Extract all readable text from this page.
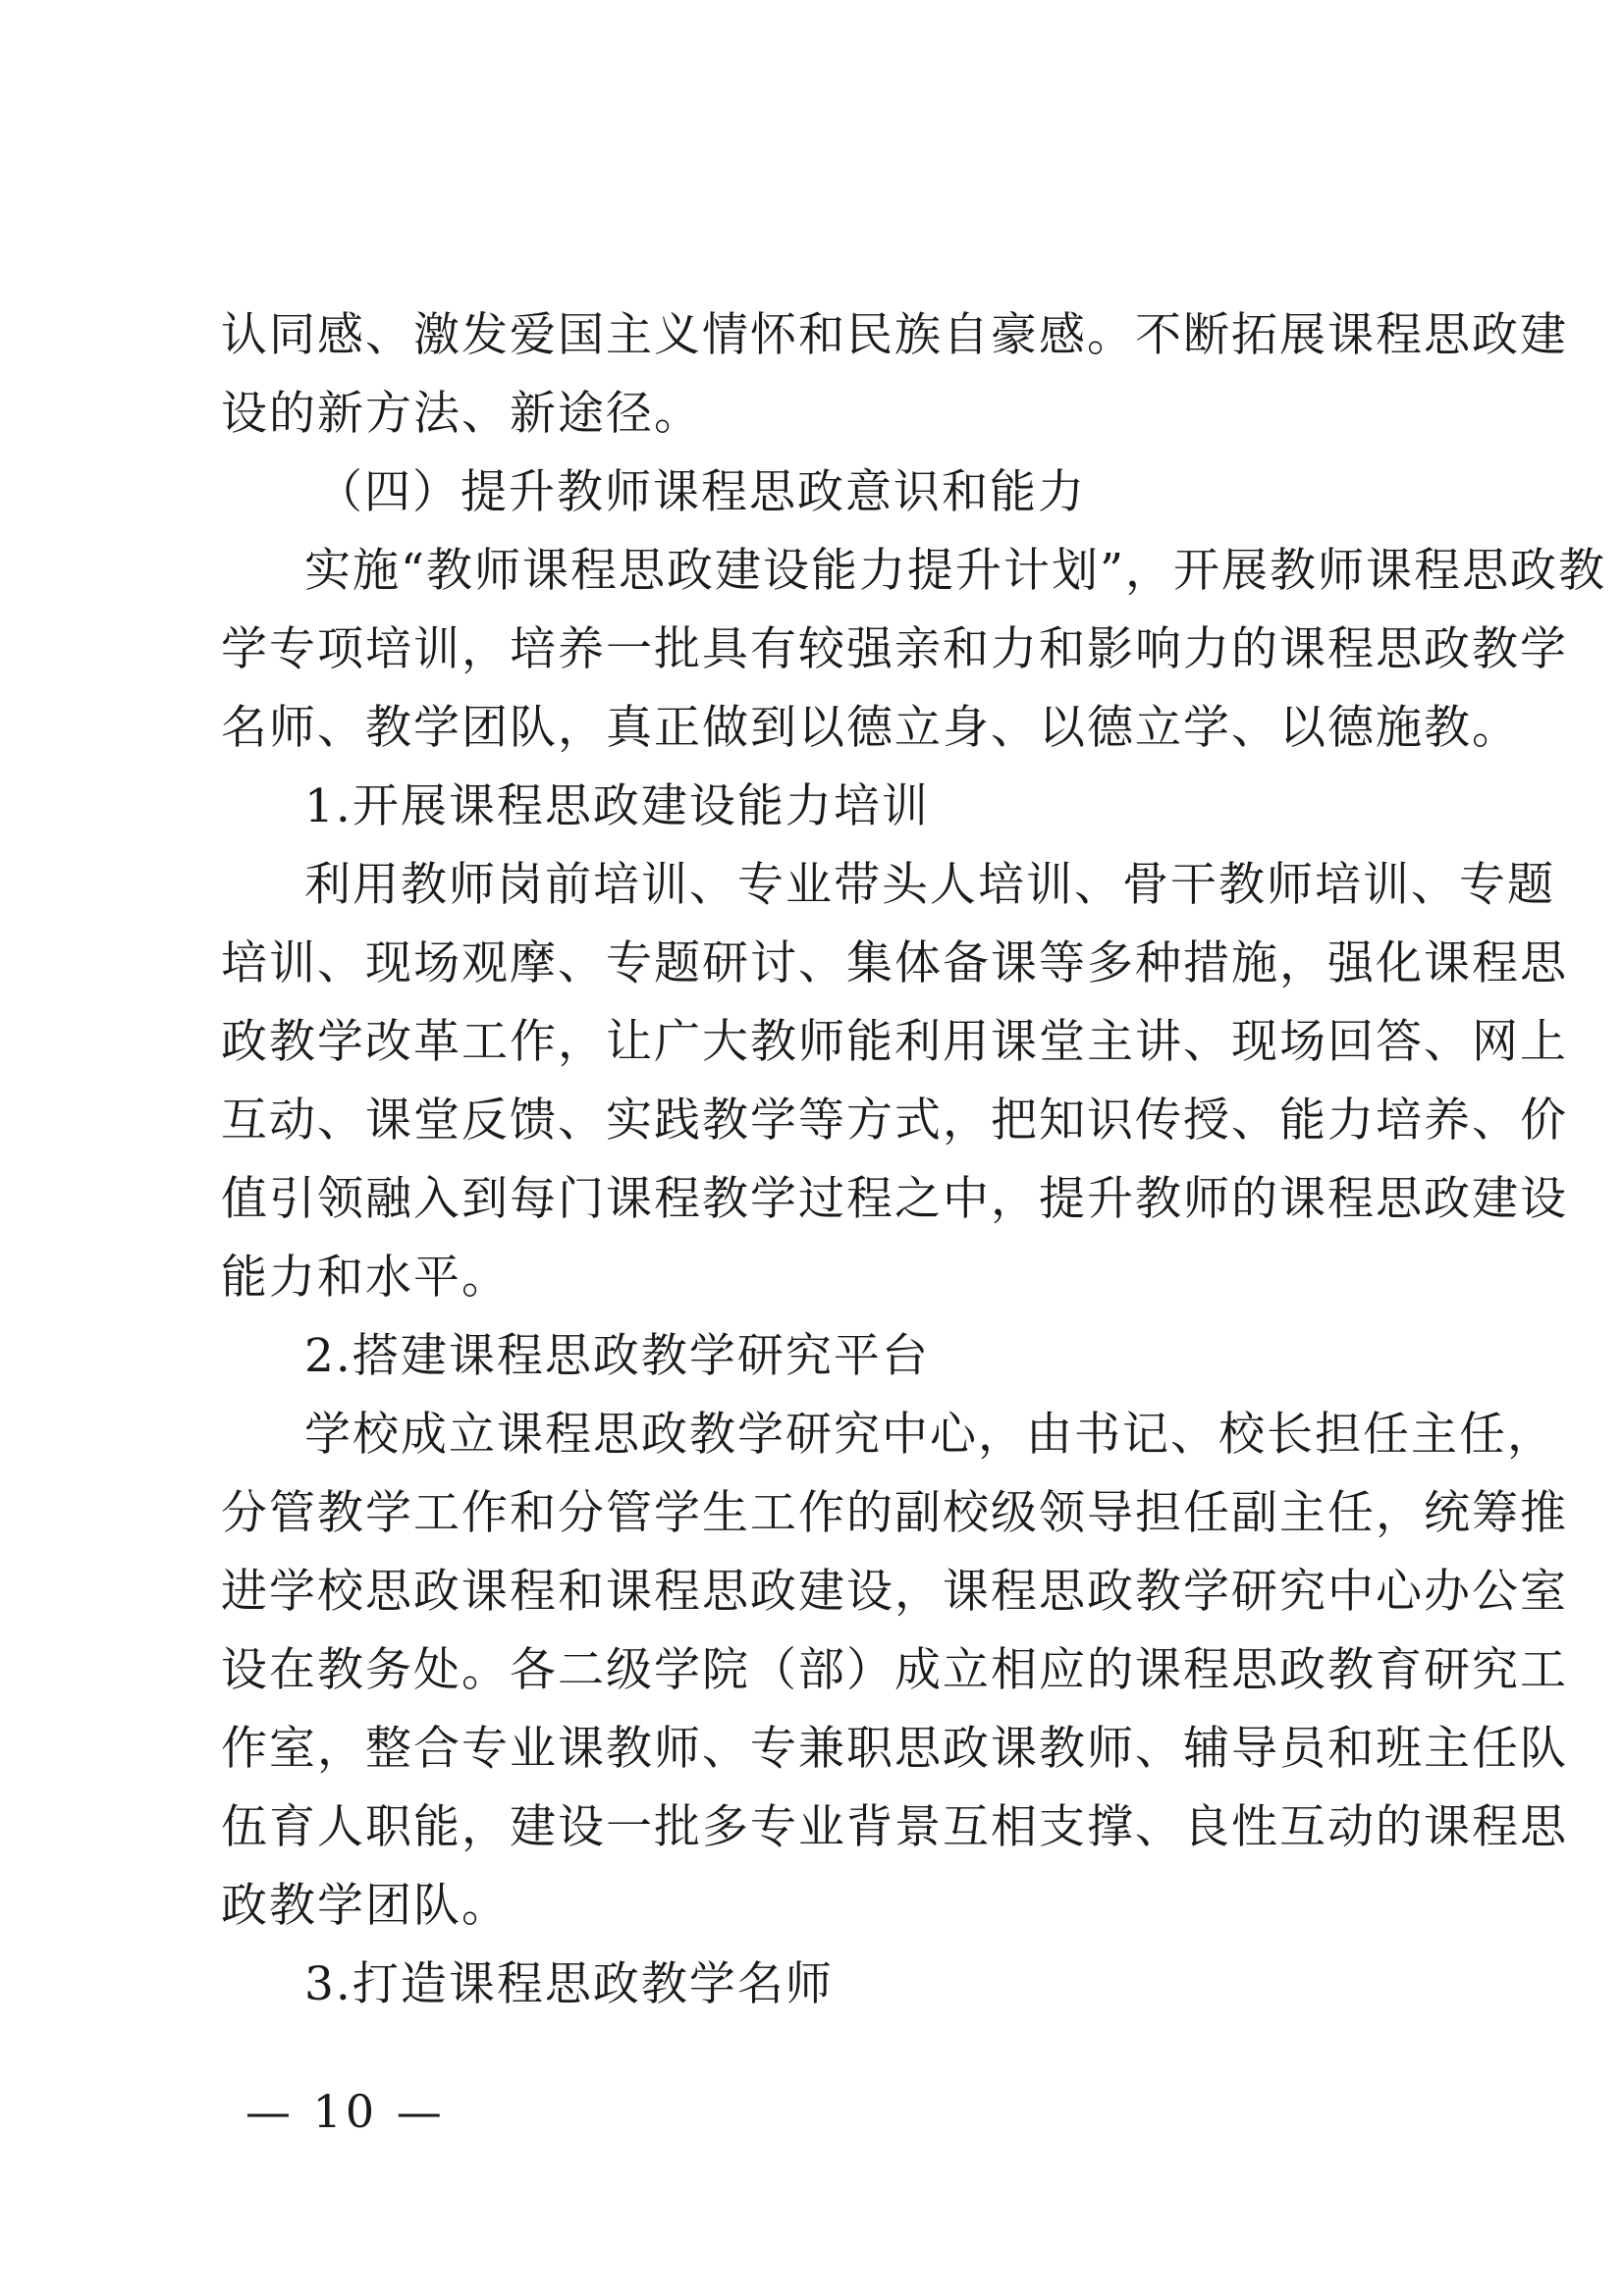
认同感、激发爱国主义情怀和民族自豪感。不断拓展课程思政建
设的新方法、新途径。
（四）提升教师课程思政意识和能力
实施“教师课程思政建设能力提升计划”，开展教师课程思政教
学专项培训，培养一批具有较强亲和力和影响力的课程思政教学
名师、教学团队，真正做到以德立身、以德立学、以德施教。
1.开展课程思政建设能力培训
利用教师岗前培训、专业带头人培训、骨干教师培训、专题
培训、现场观摩、专题研讨、集体备课等多种措施，强化课程思
政教学改革工作，让广大教师能利用课堂主讲、现场回答、网上
互动、课堂反馈、实践教学等方式，把知识传授、能力培养、价
值引领融入到每门课程教学过程之中，提升教师的课程思政建设
能力和水平。
2.搭建课程思政教学研究平台
学校成立课程思政教学研究中心，由书记、校长担任主任，
分管教学工作和分管学生工作的副校级领导担任副主任，统筹推
进学校思政课程和课程思政建设，课程思政教学研究中心办公室
设在教务处。各二级学院（部）成立相应的课程思政教育研究工
作室，整合专业课教师、专兼职思政课教师、辅导员和班主任队
伍育人职能，建设一批多专业背景互相支撑、良性互动的课程思
政教学团队。
3.打造课程思政教学名师
— 10 —
